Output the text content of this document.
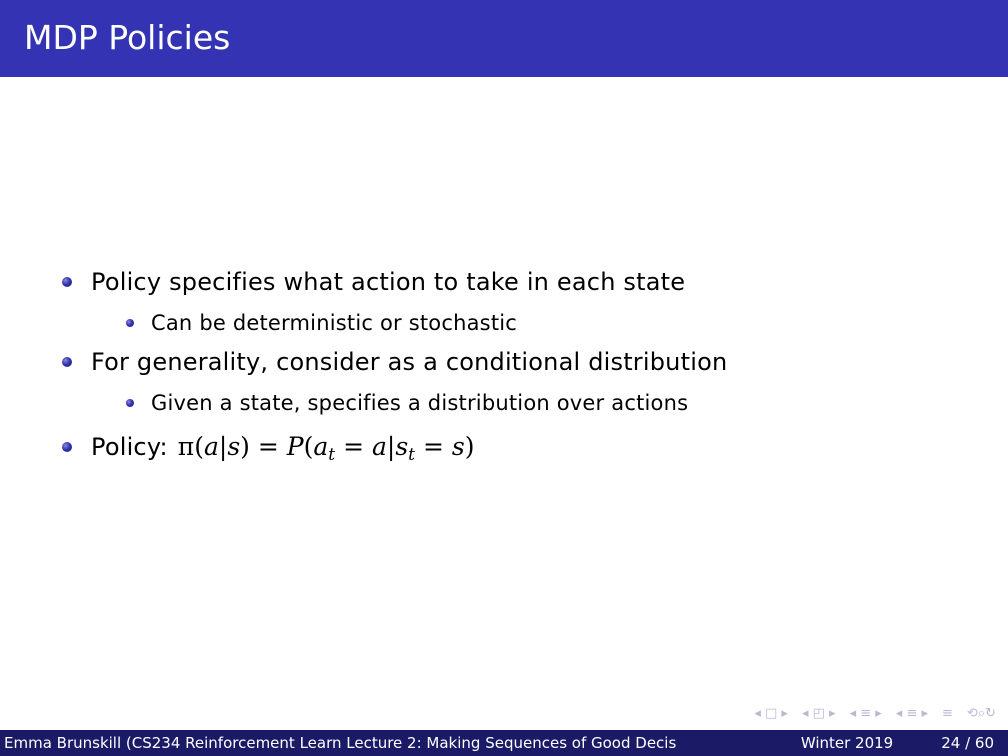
MDP Policies
Policy specifies what action to take in each state
Can be deterministic or stochastic
For generality, consider as a conditional distribution
Given a state, specifies a distribution over actions
Policy: $\pi(a|s) = P(a_t = a|s_t = s)$
◂ □ ▸ ◂ ◰ ▸ ◂ ≡ ▸ ◂ ≡ ▸ ≡ ⟲⌕↻
Emma Brunskill (CS234 Reinforcement Learn Lecture 2: Making Sequences of Good Decis	Winter 2019	24 / 60
